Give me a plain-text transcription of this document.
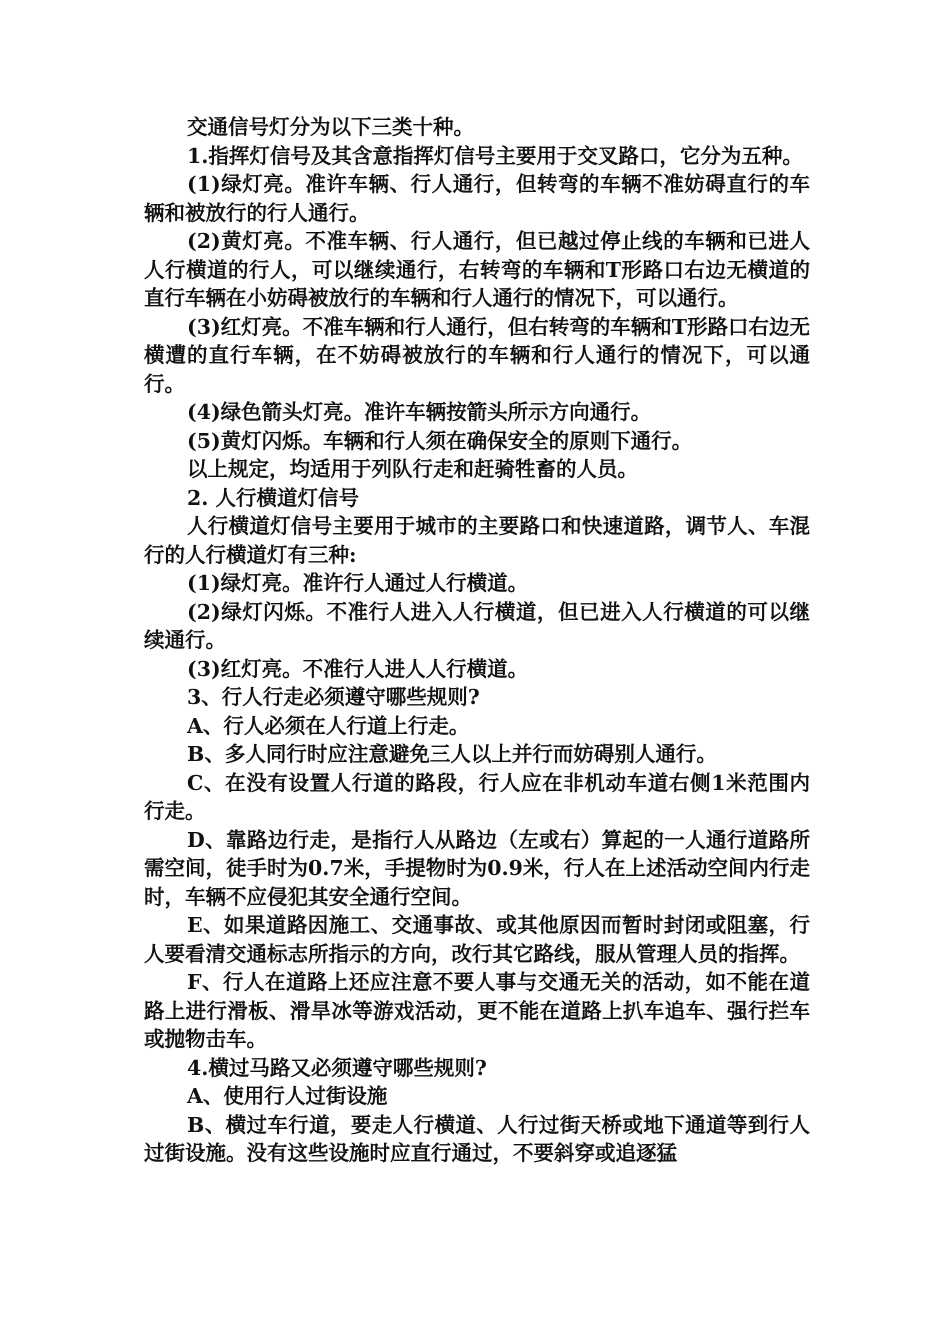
交通信号灯分为以下三类十种。

1.指挥灯信号及其含意指挥灯信号主要用于交叉路口，它分为五种。

(1)绿灯亮。准许车辆、行人通行，但转弯的车辆不准妨碍直行的车辆和被放行的行人通行。

(2)黄灯亮。不准车辆、行人通行，但已越过停止线的车辆和已进人人行横道的行人，可以继续通行，右转弯的车辆和T形路口右边无横道的直行车辆在小妨碍被放行的车辆和行人通行的情况下，可以通行。

(3)红灯亮。不准车辆和行人通行，但右转弯的车辆和T形路口右边无横遭的直行车辆，在不妨碍被放行的车辆和行人通行的情况下，可以通行。

(4)绿色箭头灯亮。准许车辆按箭头所示方向通行。

(5)黄灯闪烁。车辆和行人须在确保安全的原则下通行。

以上规定，均适用于列队行走和赶骑牲畜的人员。

2. 人行横道灯信号

人行横道灯信号主要用于城市的主要路口和快速道路，调节人、车混行的人行横道灯有三种:

(1)绿灯亮。准许行人通过人行横道。

(2)绿灯闪烁。不准行人进入人行横道，但已进入人行横道的可以继续通行。

(3)红灯亮。不准行人进人人行横道。

3、行人行走必须遵守哪些规则?

A、行人必须在人行道上行走。

B、多人同行时应注意避免三人以上并行而妨碍别人通行。

C、在没有设置人行道的路段，行人应在非机动车道右侧1米范围内行走。

D、靠路边行走，是指行人从路边（左或右）算起的一人通行道路所需空间，徒手时为0.7米，手提物时为0.9米，行人在上述活动空间内行走时，车辆不应侵犯其安全通行空间。

E、如果道路因施工、交通事故、或其他原因而暂时封闭或阻塞，行人要看清交通标志所指示的方向，改行其它路线，服从管理人员的指挥。

F、行人在道路上还应注意不要人事与交通无关的活动，如不能在道路上进行滑板、滑旱冰等游戏活动，更不能在道路上扒车追车、强行拦车或抛物击车。

4.横过马路又必须遵守哪些规则?

A、使用行人过街设施

B、横过车行道，要走人行横道、人行过街天桥或地下通道等到行人过街设施。没有这些设施时应直行通过，不要斜穿或追逐猛
